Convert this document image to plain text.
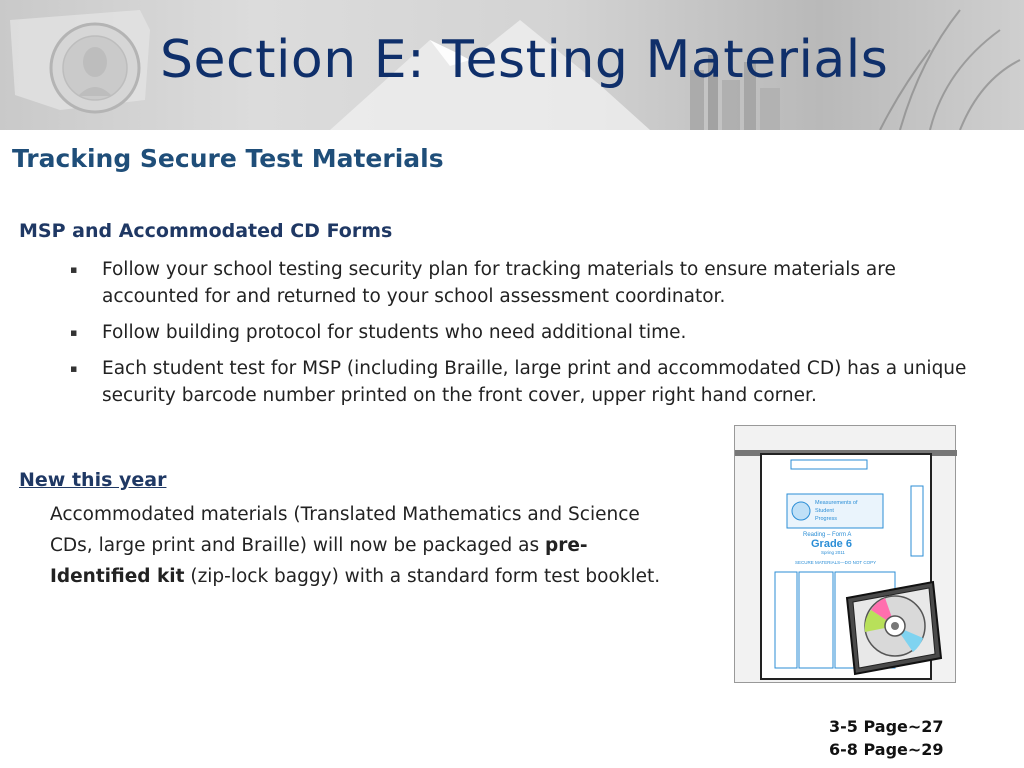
Section E: Testing Materials
Tracking Secure Test Materials
MSP and Accommodated CD Forms
▪ Follow your school testing security plan for tracking materials to ensure materials are accounted for and returned to your school assessment coordinator.
▪ Follow building protocol for students who need additional time.
▪ Each student test for MSP (including Braille, large print and accommodated CD) has a unique security barcode number printed on the front cover, upper right hand corner.
New this year
Accommodated materials (Translated Mathematics and Science CDs, large print and Braille) will now be packaged as pre-Identified kit (zip-lock baggy) with a standard form test booklet.
Measurements of
Student
Progress
Reading – Form A
Grade 6
Spring 2011
SECURE MATERIALS—DO NOT COPY
3-5 Page~27
6-8 Page~29
